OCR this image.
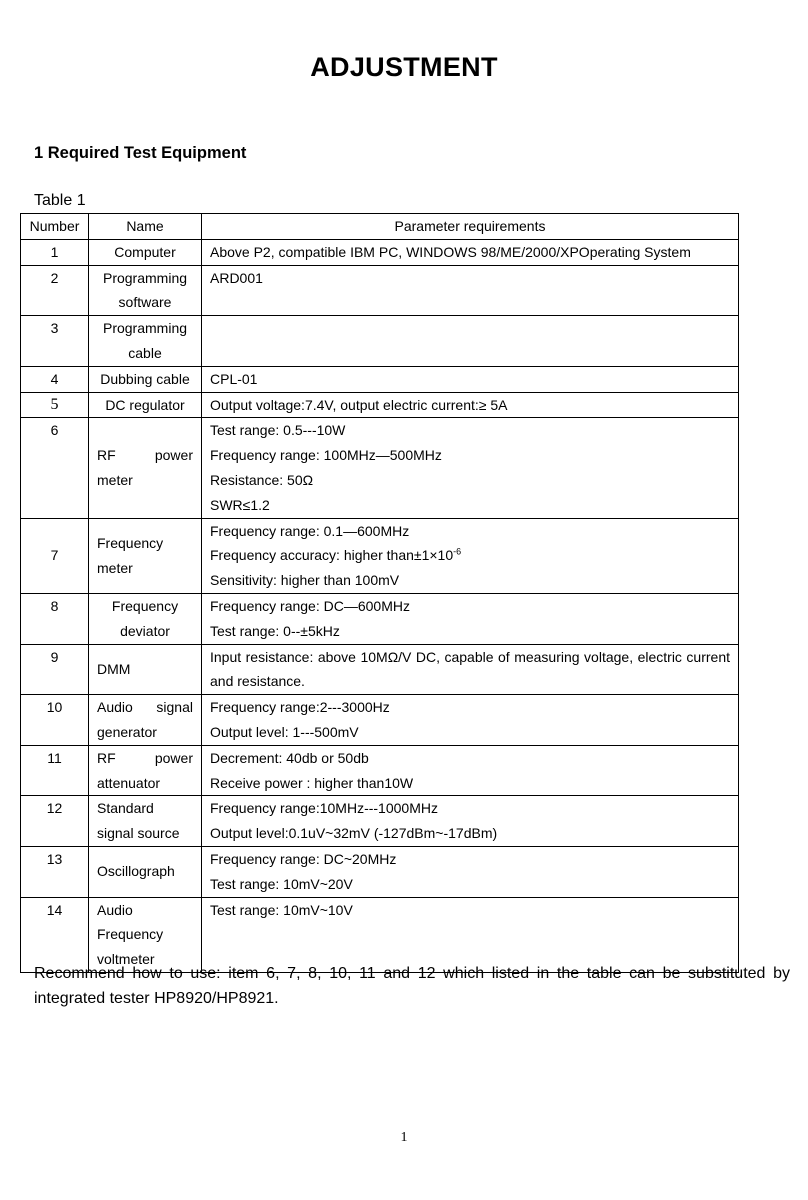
ADJUSTMENT
1 Required Test Equipment
Table 1
Number	Name	Parameter requirements
1	Computer	Above P2, compatible IBM PC, WINDOWS 98/ME/2000/XPOperating System

2	Programming
software	ARD001

3	Programming
cable	

4	Dubbing cable	CPL-01

5	DC regulator	Output voltage:7.4V, output electric current:≥ 5A

6	RF power
meter	Test range: 0.5---10W
Frequency range: 100MHz—500MHz
Resistance: 50Ω
SWR≤1.2

7	Frequency
meter	Frequency range: 0.1—600MHz
Frequency accuracy: higher $than\pm 1\times 10^{-6}$
Sensitivity: higher than 100mV

8	Frequency
deviator	Frequency range: DC—600MHz
Test range: 0--±5kHz

9	DMM	Input resistance: above 10MΩ/V DC, capable of measuring voltage, electric current and resistance.

10	Audio signal
generator	Frequency range:2---3000Hz
Output level: 1---500mV

11	RF power
attenuator	Decrement: 40db or 50db
Receive power : higher than10W

12	Standard
signal source	Frequency range:10MHz---1000MHz
Output level:0.1uV~32mV (-127dBm~-17dBm)

13	Oscillograph	Frequency range: DC~20MHz
Test range: 10mV~20V

14	Audio
Frequency
voltmeter	Test range: 10mV~10V
Recommend how to use: item 6, 7, 8, 10, 11 and 12 which listed in the table can be substituted by integrated tester HP8920/HP8921.
1
